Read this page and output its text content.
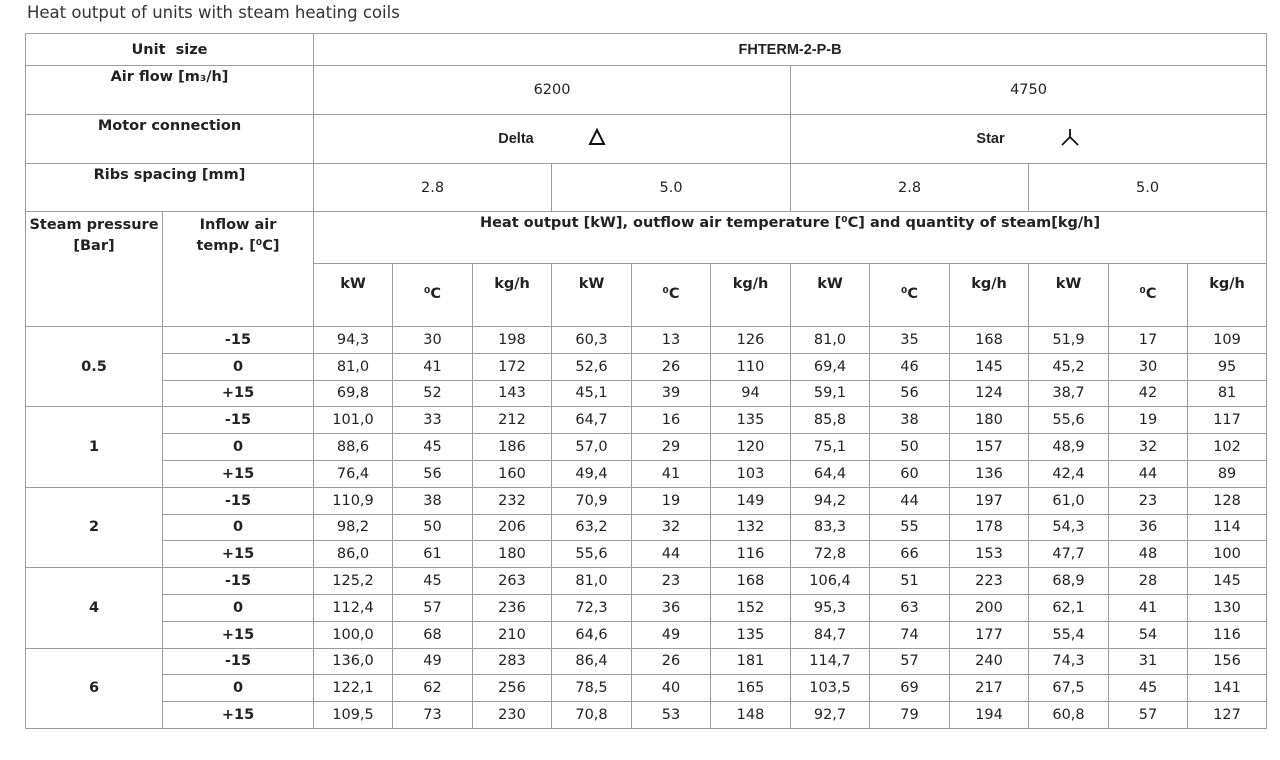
Heat output of units with steam heating coils
Unit  size		FHTERM-2-P-B											
Air flow [m₃/h]		6200						4750					
Motor connection		Delta						Star					
Ribs spacing [mm]		2.8			5.0			2.8			5.0		
Steam pressure [Bar]	Inflow air temp. [⁰C]	Heat output [kW], outflow air temperature [⁰C] and quantity of steam[kg/h]											
		kW	⁰C	kg/h	kW	⁰C	kg/h	kW	⁰C	kg/h	kW	⁰C	kg/h
0.5	-15	94,3	30	198	60,3	13	126	81,0	35	168	51,9	17	109
	0	81,0	41	172	52,6	26	110	69,4	46	145	45,2	30	95
	+15	69,8	52	143	45,1	39	94	59,1	56	124	38,7	42	81
1	-15	101,0	33	212	64,7	16	135	85,8	38	180	55,6	19	117
	0	88,6	45	186	57,0	29	120	75,1	50	157	48,9	32	102
	+15	76,4	56	160	49,4	41	103	64,4	60	136	42,4	44	89
2	-15	110,9	38	232	70,9	19	149	94,2	44	197	61,0	23	128
	0	98,2	50	206	63,2	32	132	83,3	55	178	54,3	36	114
	+15	86,0	61	180	55,6	44	116	72,8	66	153	47,7	48	100
4	-15	125,2	45	263	81,0	23	168	106,4	51	223	68,9	28	145
	0	112,4	57	236	72,3	36	152	95,3	63	200	62,1	41	130
	+15	100,0	68	210	64,6	49	135	84,7	74	177	55,4	54	116
6	-15	136,0	49	283	86,4	26	181	114,7	57	240	74,3	31	156
	0	122,1	62	256	78,5	40	165	103,5	69	217	67,5	45	141
	+15	109,5	73	230	70,8	53	148	92,7	79	194	60,8	57	127
